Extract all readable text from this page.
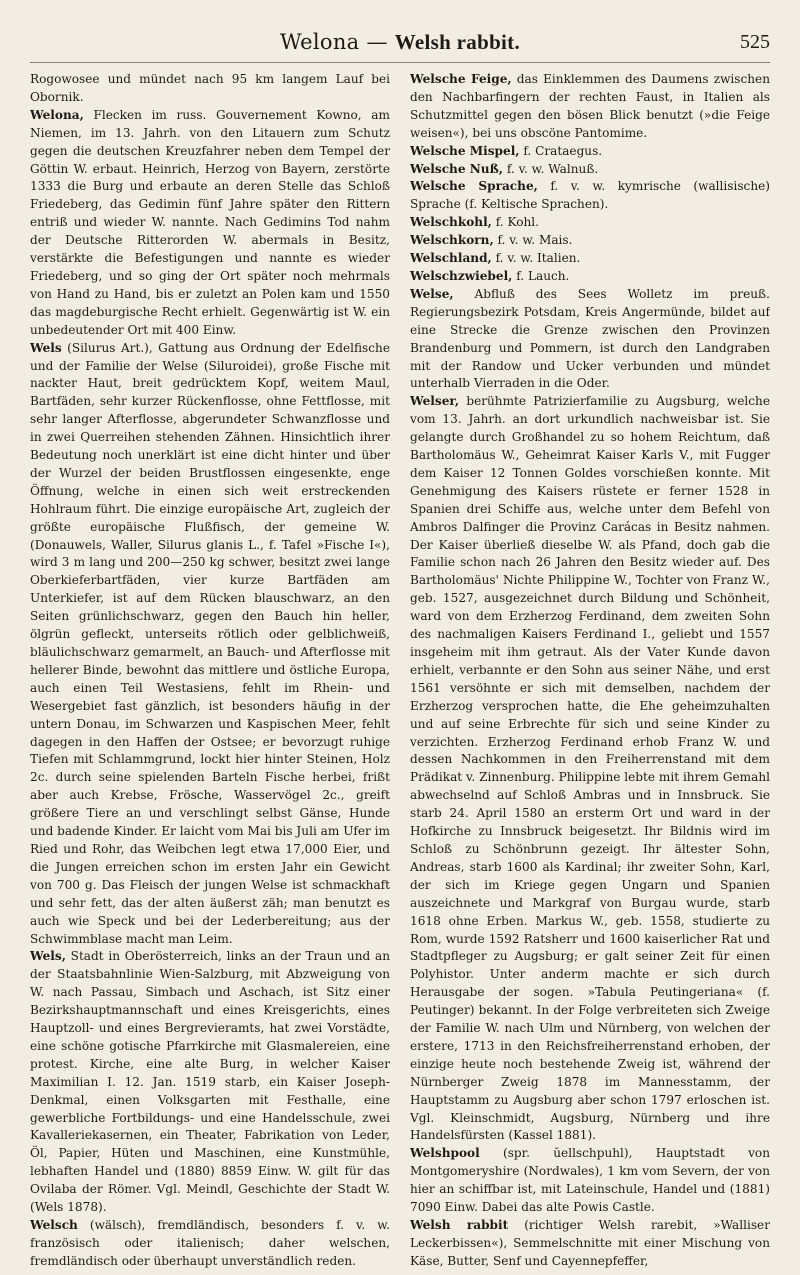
Welona — Welsh rabbit.	525

Rogowosee und mündet nach 95 km langem Lauf bei Obornik.

Welona, Flecken im russ. Gouvernement Kowno, am Niemen, im 13. Jahrh. von den Litauern zum Schutz gegen die deutschen Kreuzfahrer neben dem Tempel der Göttin W. erbaut. Heinrich, Herzog von Bayern, zerstörte 1333 die Burg und erbaute an deren Stelle das Schloß Friedeberg, das Gedimin fünf Jahre später den Rittern entriß und wieder W. nannte. Nach Gedimins Tod nahm der Deutsche Ritterorden W. abermals in Besitz, verstärkte die Befestigungen und nannte es wieder Friedeberg, und so ging der Ort später noch mehrmals von Hand zu Hand, bis er zuletzt an Polen kam und 1550 das magdeburgische Recht erhielt. Gegenwärtig ist W. ein unbedeutender Ort mit 400 Einw.

Wels (Silurus Art.), Gattung aus Ordnung der Edelfische und der Familie der Welse (Siluroidei), große Fische mit nackter Haut, breit gedrücktem Kopf, weitem Maul, Bartfäden, sehr kurzer Rückenflosse, ohne Fettflosse, mit sehr langer Afterflosse, abgerundeter Schwanzflosse und in zwei Querreihen stehenden Zähnen. Hinsichtlich ihrer Bedeutung noch unerklärt ist eine dicht hinter und über der Wurzel der beiden Brustflossen eingesenkte, enge Öffnung, welche in einen sich weit erstreckenden Hohlraum führt. Die einzige europäische Art, zugleich der größte europäische Flußfisch, der gemeine W. (Donauwels, Waller, Silurus glanis L., f. Tafel »Fische I«), wird 3 m lang und 200—250 kg schwer, besitzt zwei lange Oberkieferbartfäden, vier kurze Bartfäden am Unterkiefer, ist auf dem Rücken blauschwarz, an den Seiten grünlichschwarz, gegen den Bauch hin heller, ölgrün gefleckt, unterseits rötlich oder gelblichweiß, bläulichschwarz gemarmelt, an Bauch- und Afterflosse mit hellerer Binde, bewohnt das mittlere und östliche Europa, auch einen Teil Westasiens, fehlt im Rhein- und Wesergebiet fast gänzlich, ist besonders häufig in der untern Donau, im Schwarzen und Kaspischen Meer, fehlt dagegen in den Haffen der Ostsee; er bevorzugt ruhige Tiefen mit Schlammgrund, lockt hier hinter Steinen, Holz 2c. durch seine spielenden Barteln Fische herbei, frißt aber auch Krebse, Frösche, Wasservögel 2c., greift größere Tiere an und verschlingt selbst Gänse, Hunde und badende Kinder. Er laicht vom Mai bis Juli am Ufer im Ried und Rohr, das Weibchen legt etwa 17,000 Eier, und die Jungen erreichen schon im ersten Jahr ein Gewicht von 700 g. Das Fleisch der jungen Welse ist schmackhaft und sehr fett, das der alten äußerst zäh; man benutzt es auch wie Speck und bei der Lederbereitung; aus der Schwimmblase macht man Leim.

Wels, Stadt in Oberösterreich, links an der Traun und an der Staatsbahnlinie Wien-Salzburg, mit Abzweigung von W. nach Passau, Simbach und Aschach, ist Sitz einer Bezirkshauptmannschaft und eines Kreisgerichts, eines Hauptzoll- und eines Bergrevieramts, hat zwei Vorstädte, eine schöne gotische Pfarrkirche mit Glasmalereien, eine protest. Kirche, eine alte Burg, in welcher Kaiser Maximilian I. 12. Jan. 1519 starb, ein Kaiser Joseph-Denkmal, einen Volksgarten mit Festhalle, eine gewerbliche Fortbildungs- und eine Handelsschule, zwei Kavalleriekasernen, ein Theater, Fabrikation von Leder, Öl, Papier, Hüten und Maschinen, eine Kunstmühle, lebhaften Handel und (1880) 8859 Einw. W. gilt für das Ovilaba der Römer. Vgl. Meindl, Geschichte der Stadt W. (Wels 1878).

Welsch (wälsch), fremdländisch, besonders f. v. w. französisch oder italienisch; daher welschen, fremdländisch oder überhaupt unverständlich reden.

Welsche Feige, das Einklemmen des Daumens zwischen den Nachbarfingern der rechten Faust, in Italien als Schutzmittel gegen den bösen Blick benutzt (»die Feige weisen«), bei uns obscöne Pantomime.

Welsche Mispel, f. Crataegus.

Welsche Nuß, f. v. w. Walnuß.

Welsche Sprache, f. v. w. kymrische (wallisische) Sprache (f. Keltische Sprachen).

Welschkohl, f. Kohl.

Welschkorn, f. v. w. Mais.

Welschland, f. v. w. Italien.

Welschzwiebel, f. Lauch.

Welse, Abfluß des Sees Wolletz im preuß. Regierungsbezirk Potsdam, Kreis Angermünde, bildet auf eine Strecke die Grenze zwischen den Provinzen Brandenburg und Pommern, ist durch den Landgraben mit der Randow und Ucker verbunden und mündet unterhalb Vierraden in die Oder.

Welser, berühmte Patrizierfamilie zu Augsburg, welche vom 13. Jahrh. an dort urkundlich nachweisbar ist. Sie gelangte durch Großhandel zu so hohem Reichtum, daß Bartholomäus W., Geheimrat Kaiser Karls V., mit Fugger dem Kaiser 12 Tonnen Goldes vorschießen konnte. Mit Genehmigung des Kaisers rüstete er ferner 1528 in Spanien drei Schiffe aus, welche unter dem Befehl von Ambros Dalfinger die Provinz Carácas in Besitz nahmen. Der Kaiser überließ dieselbe W. als Pfand, doch gab die Familie schon nach 26 Jahren den Besitz wieder auf. Des Bartholomäus' Nichte Philippine W., Tochter von Franz W., geb. 1527, ausgezeichnet durch Bildung und Schönheit, ward von dem Erzherzog Ferdinand, dem zweiten Sohn des nachmaligen Kaisers Ferdinand I., geliebt und 1557 insgeheim mit ihm getraut. Als der Vater Kunde davon erhielt, verbannte er den Sohn aus seiner Nähe, und erst 1561 versöhnte er sich mit demselben, nachdem der Erzherzog versprochen hatte, die Ehe geheimzuhalten und auf seine Erbrechte für sich und seine Kinder zu verzichten. Erzherzog Ferdinand erhob Franz W. und dessen Nachkommen in den Freiherrenstand mit dem Prädikat v. Zinnenburg. Philippine lebte mit ihrem Gemahl abwechselnd auf Schloß Ambras und in Innsbruck. Sie starb 24. April 1580 an ersterm Ort und ward in der Hofkirche zu Innsbruck beigesetzt. Ihr Bildnis wird im Schloß zu Schönbrunn gezeigt. Ihr ältester Sohn, Andreas, starb 1600 als Kardinal; ihr zweiter Sohn, Karl, der sich im Kriege gegen Ungarn und Spanien auszeichnete und Markgraf von Burgau wurde, starb 1618 ohne Erben. Markus W., geb. 1558, studierte zu Rom, wurde 1592 Ratsherr und 1600 kaiserlicher Rat und Stadtpfleger zu Augsburg; er galt seiner Zeit für einen Polyhistor. Unter anderm machte er sich durch Herausgabe der sogen. »Tabula Peutingeriana« (f. Peutinger) bekannt. In der Folge verbreiteten sich Zweige der Familie W. nach Ulm und Nürnberg, von welchen der erstere, 1713 in den Reichsfreiherrenstand erhoben, der einzige heute noch bestehende Zweig ist, während der Nürnberger Zweig 1878 im Mannesstamm, der Hauptstamm zu Augsburg aber schon 1797 erloschen ist. Vgl. Kleinschmidt, Augsburg, Nürnberg und ihre Handelsfürsten (Kassel 1881).

Welshpool (spr. ŭellschpuhl), Hauptstadt von Montgomeryshire (Nordwales), 1 km vom Severn, der von hier an schiffbar ist, mit Lateinschule, Handel und (1881) 7090 Einw. Dabei das alte Powis Castle.

Welsh rabbit (richtiger Welsh rarebit, »Walliser Leckerbissen«), Semmelschnitte mit einer Mischung von Käse, Butter, Senf und Cayennepfeffer,
